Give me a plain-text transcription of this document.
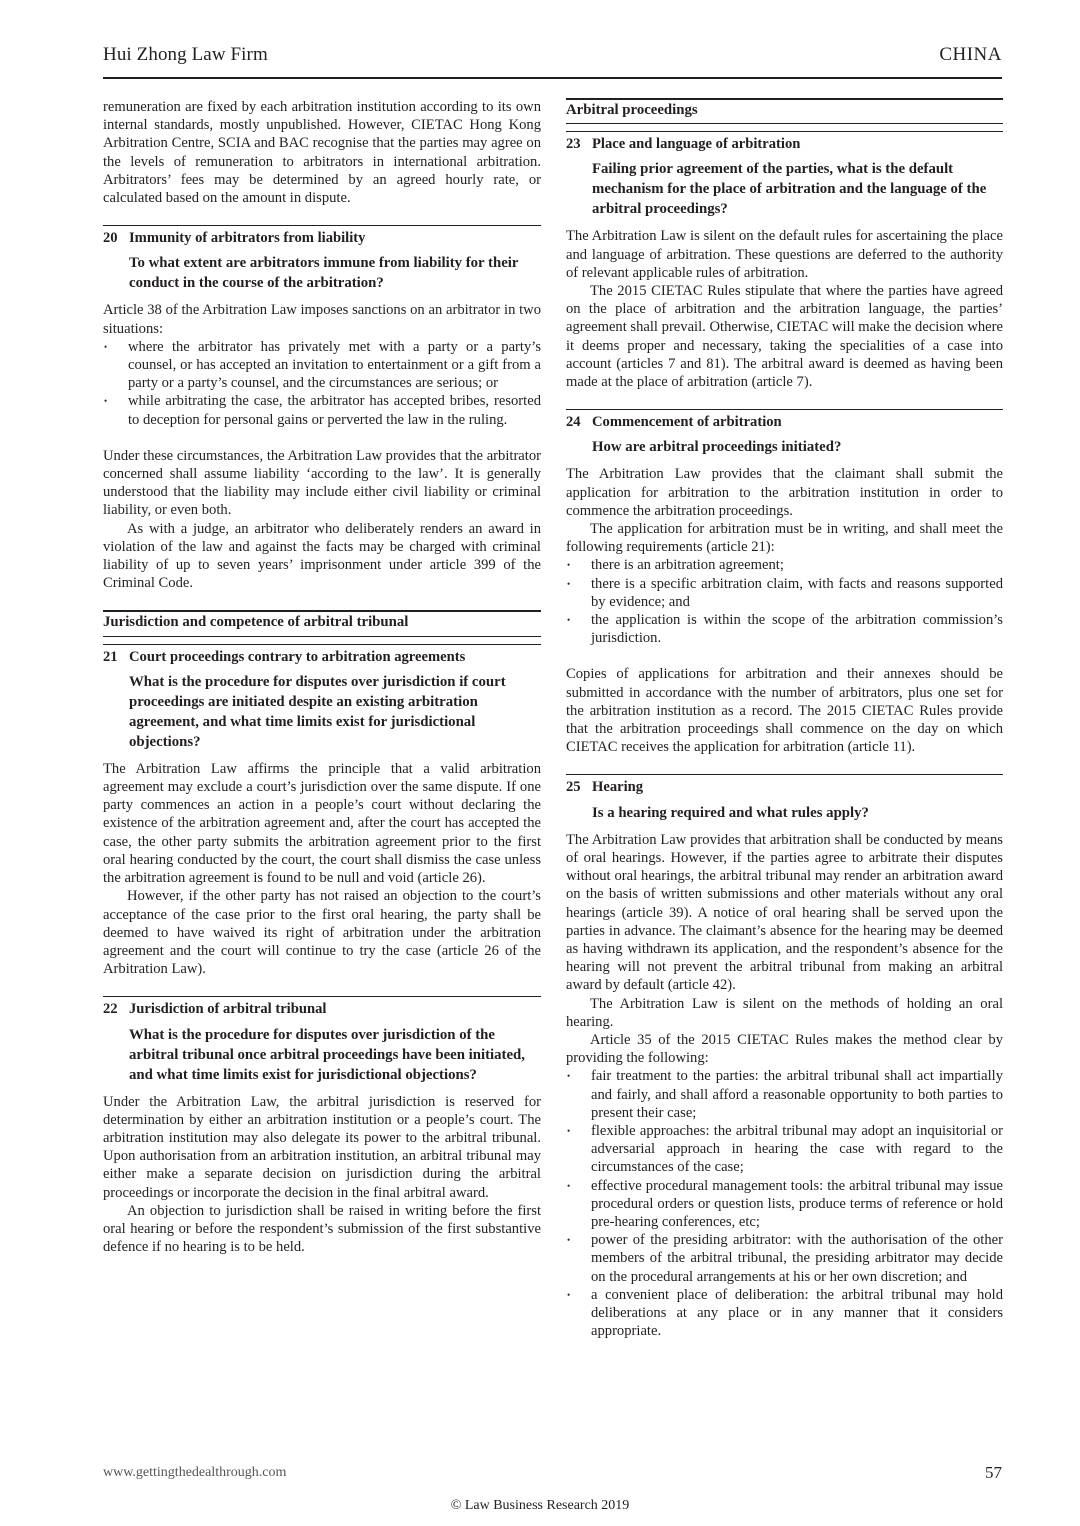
Hui Zhong Law Firm	CHINA

remuneration are fixed by each arbitration institution according to its own internal standards, mostly unpublished. However, CIETAC Hong Kong Arbitration Centre, SCIA and BAC recognise that the parties may agree on the levels of remuneration to arbitrators in international arbitration. Arbitrators’ fees may be determined by an agreed hourly rate, or calculated based on the amount in dispute.

20 Immunity of arbitrators from liability
To what extent are arbitrators immune from liability for their conduct in the course of the arbitration?

Article 38 of the Arbitration Law imposes sanctions on an arbitrator in two situations:

• where the arbitrator has privately met with a party or a party’s counsel, or has accepted an invitation to entertainment or a gift from a party or a party’s counsel, and the circumstances are serious; or
• while arbitrating the case, the arbitrator has accepted bribes, resorted to deception for personal gains or perverted the law in the ruling.

Under these circumstances, the Arbitration Law provides that the arbitrator concerned shall assume liability ‘according to the law’. It is generally understood that the liability may include either civil liability or criminal liability, or even both.

As with a judge, an arbitrator who deliberately renders an award in violation of the law and against the facts may be charged with criminal liability of up to seven years’ imprisonment under article 399 of the Criminal Code.

Jurisdiction and competence of arbitral tribunal
21 Court proceedings contrary to arbitration agreements
What is the procedure for disputes over jurisdiction if court proceedings are initiated despite an existing arbitration agreement, and what time limits exist for jurisdictional objections?

The Arbitration Law affirms the principle that a valid arbitration agreement may exclude a court’s jurisdiction over the same dispute. If one party commences an action in a people’s court without declaring the existence of the arbitration agreement and, after the court has accepted the case, the other party submits the arbitration agreement prior to the first oral hearing conducted by the court, the court shall dismiss the case unless the arbitration agreement is found to be null and void (article 26).

However, if the other party has not raised an objection to the court’s acceptance of the case prior to the first oral hearing, the party shall be deemed to have waived its right of arbitration under the arbitration agreement and the court will continue to try the case (article 26 of the Arbitration Law).

22 Jurisdiction of arbitral tribunal
What is the procedure for disputes over jurisdiction of the arbitral tribunal once arbitral proceedings have been initiated, and what time limits exist for jurisdictional objections?

Under the Arbitration Law, the arbitral jurisdiction is reserved for determination by either an arbitration institution or a people’s court. The arbitration institution may also delegate its power to the arbitral tribunal. Upon authorisation from an arbitration institution, an arbitral tribunal may either make a separate decision on jurisdiction during the arbitral proceedings or incorporate the decision in the final arbitral award.

An objection to jurisdiction shall be raised in writing before the first oral hearing or before the respondent’s submission of the first substantive defence if no hearing is to be held.

Arbitral proceedings
23 Place and language of arbitration
Failing prior agreement of the parties, what is the default mechanism for the place of arbitration and the language of the arbitral proceedings?

The Arbitration Law is silent on the default rules for ascertaining the place and language of arbitration. These questions are deferred to the authority of relevant applicable rules of arbitration.

The 2015 CIETAC Rules stipulate that where the parties have agreed on the place of arbitration and the arbitration language, the parties’ agreement shall prevail. Otherwise, CIETAC will make the decision where it deems proper and necessary, taking the specialities of a case into account (articles 7 and 81). The arbitral award is deemed as having been made at the place of arbitration (article 7).

24 Commencement of arbitration
How are arbitral proceedings initiated?

The Arbitration Law provides that the claimant shall submit the application for arbitration to the arbitration institution in order to commence the arbitration proceedings.

The application for arbitration must be in writing, and shall meet the following requirements (article 21):

• there is an arbitration agreement;
• there is a specific arbitration claim, with facts and reasons supported by evidence; and
• the application is within the scope of the arbitration commission’s jurisdiction.

Copies of applications for arbitration and their annexes should be submitted in accordance with the number of arbitrators, plus one set for the arbitration institution as a record. The 2015 CIETAC Rules provide that the arbitration proceedings shall commence on the day on which CIETAC receives the application for arbitration (article 11).

25 Hearing
Is a hearing required and what rules apply?

The Arbitration Law provides that arbitration shall be conducted by means of oral hearings. However, if the parties agree to arbitrate their disputes without oral hearings, the arbitral tribunal may render an arbitration award on the basis of written submissions and other materials without any oral hearings (article 39). A notice of oral hearing shall be served upon the parties in advance. The claimant’s absence for the hearing may be deemed as having withdrawn its application, and the respondent’s absence for the hearing will not prevent the arbitral tribunal from making an arbitral award by default (article 42).

The Arbitration Law is silent on the methods of holding an oral hearing.

Article 35 of the 2015 CIETAC Rules makes the method clear by providing the following:

• fair treatment to the parties: the arbitral tribunal shall act impartially and fairly, and shall afford a reasonable opportunity to both parties to present their case;
• flexible approaches: the arbitral tribunal may adopt an inquisitorial or adversarial approach in hearing the case with regard to the circumstances of the case;
• effective procedural management tools: the arbitral tribunal may issue procedural orders or question lists, produce terms of reference or hold pre-hearing conferences, etc;
• power of the presiding arbitrator: with the authorisation of the other members of the arbitral tribunal, the presiding arbitrator may decide on the procedural arrangements at his or her own discretion; and
• a convenient place of deliberation: the arbitral tribunal may hold deliberations at any place or in any manner that it considers appropriate.
www.gettingthedealthrough.com	57
© Law Business Research 2019
